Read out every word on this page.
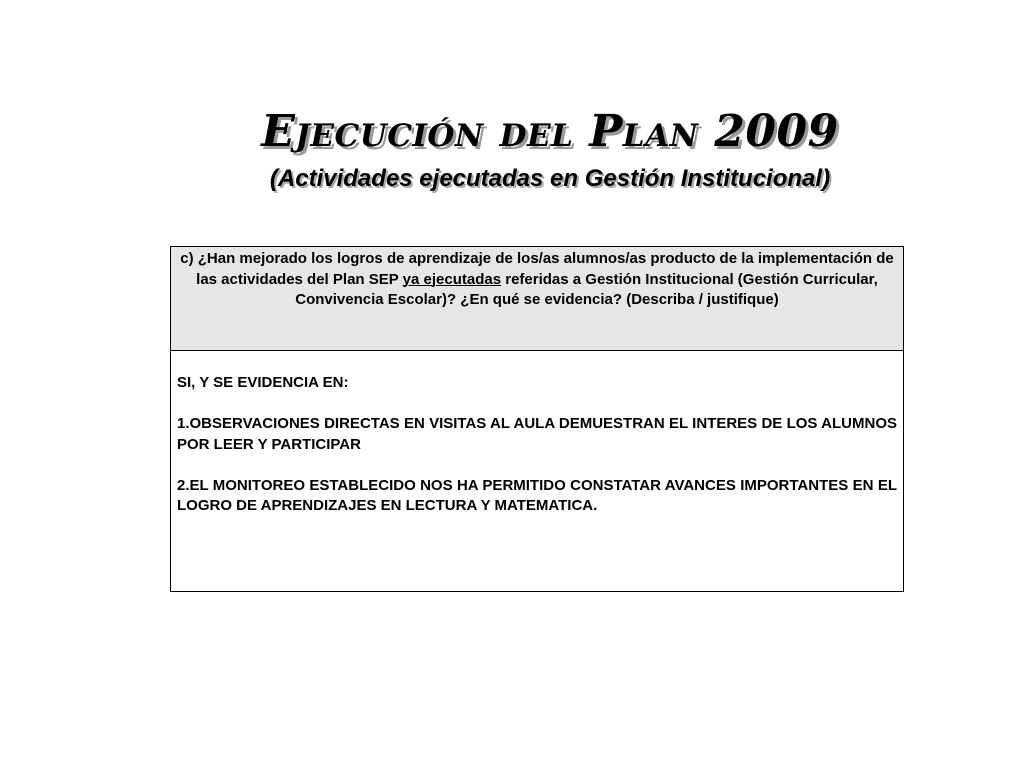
Ejecución del Plan 2009
(Actividades ejecutadas en Gestión Institucional)
c) ¿Han mejorado los logros de aprendizaje de los/as alumnos/as producto de la implementación de las actividades del Plan SEP ya ejecutadas referidas a Gestión Institucional (Gestión Curricular, Convivencia Escolar)? ¿En qué se evidencia? (Describa / justifique)

SI, Y SE EVIDENCIA EN:

1.OBSERVACIONES DIRECTAS EN VISITAS AL AULA DEMUESTRAN EL INTERES DE LOS ALUMNOS POR LEER Y PARTICIPAR

2.EL MONITOREO ESTABLECIDO NOS HA PERMITIDO CONSTATAR AVANCES IMPORTANTES EN EL LOGRO DE APRENDIZAJES EN LECTURA Y MATEMATICA.
